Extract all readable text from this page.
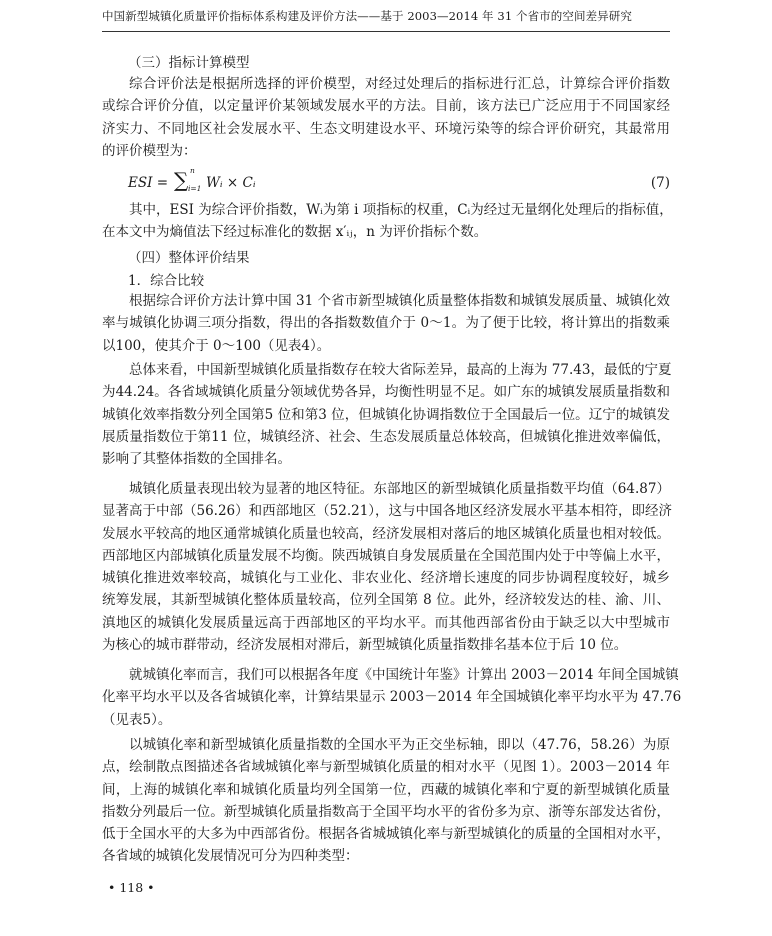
中国新型城镇化质量评价指标体系构建及评价方法——基于 2003—2014 年 31 个省市的空间差异研究
（三）指标计算模型
综合评价法是根据所选择的评价模型，对经过处理后的指标进行汇总，计算综合评价指数
或综合评价分值，以定量评价某领域发展水平的方法。目前，该方法已广泛应用于不同国家经
济实力、不同地区社会发展水平、生态文明建设水平、环境污染等的综合评价研究，其最常用
的评价模型为：
ESI = ∑ n
i=1 Wᵢ × Cᵢ	(7)
其中，ESI 为综合评价指数，Wᵢ为第 i 项指标的权重，Cᵢ为经过无量纲化处理后的指标值，
在本文中为熵值法下经过标准化的数据 x′ᵢⱼ，n 为评价指标个数。
（四）整体评价结果
1．综合比较
根据综合评价方法计算中国 31 个省市新型城镇化质量整体指数和城镇发展质量、城镇化效
率与城镇化协调三项分指数，得出的各指数数值介于 0～1。为了便于比较，将计算出的指数乘
以100，使其介于 0～100（见表4）。
总体来看，中国新型城镇化质量指数存在较大省际差异，最高的上海为 77.43，最低的宁夏
为44.24。各省域城镇化质量分领域优势各异，均衡性明显不足。如广东的城镇发展质量指数和
城镇化效率指数分列全国第5 位和第3 位，但城镇化协调指数位于全国最后一位。辽宁的城镇发
展质量指数位于第11 位，城镇经济、社会、生态发展质量总体较高，但城镇化推进效率偏低，
影响了其整体指数的全国排名。
城镇化质量表现出较为显著的地区特征。东部地区的新型城镇化质量指数平均值（64.87）
显著高于中部（56.26）和西部地区（52.21），这与中国各地区经济发展水平基本相符，即经济
发展水平较高的地区通常城镇化质量也较高，经济发展相对落后的地区城镇化质量也相对较低。
西部地区内部城镇化质量发展不均衡。陕西城镇自身发展质量在全国范围内处于中等偏上水平，
城镇化推进效率较高，城镇化与工业化、非农业化、经济增长速度的同步协调程度较好，城乡
统筹发展，其新型城镇化整体质量较高，位列全国第 8 位。此外，经济较发达的桂、渝、川、
滇地区的城镇化发展质量远高于西部地区的平均水平。而其他西部省份由于缺乏以大中型城市
为核心的城市群带动，经济发展相对滞后，新型城镇化质量指数排名基本位于后 10 位。
就城镇化率而言，我们可以根据各年度《中国统计年鉴》计算出 2003－2014 年间全国城镇
化率平均水平以及各省城镇化率，计算结果显示 2003－2014 年全国城镇化率平均水平为 47.76
（见表5）。
以城镇化率和新型城镇化质量指数的全国水平为正交坐标轴，即以（47.76，58.26）为原
点，绘制散点图描述各省域城镇化率与新型城镇化质量的相对水平（见图 1）。2003－2014 年
间，上海的城镇化率和城镇化质量均列全国第一位，西藏的城镇化率和宁夏的新型城镇化质量
指数分列最后一位。新型城镇化质量指数高于全国平均水平的省份多为京、浙等东部发达省份，
低于全国水平的大多为中西部省份。根据各省城城镇化率与新型城镇化的质量的全国相对水平，
各省域的城镇化发展情况可分为四种类型：
• 118 •
